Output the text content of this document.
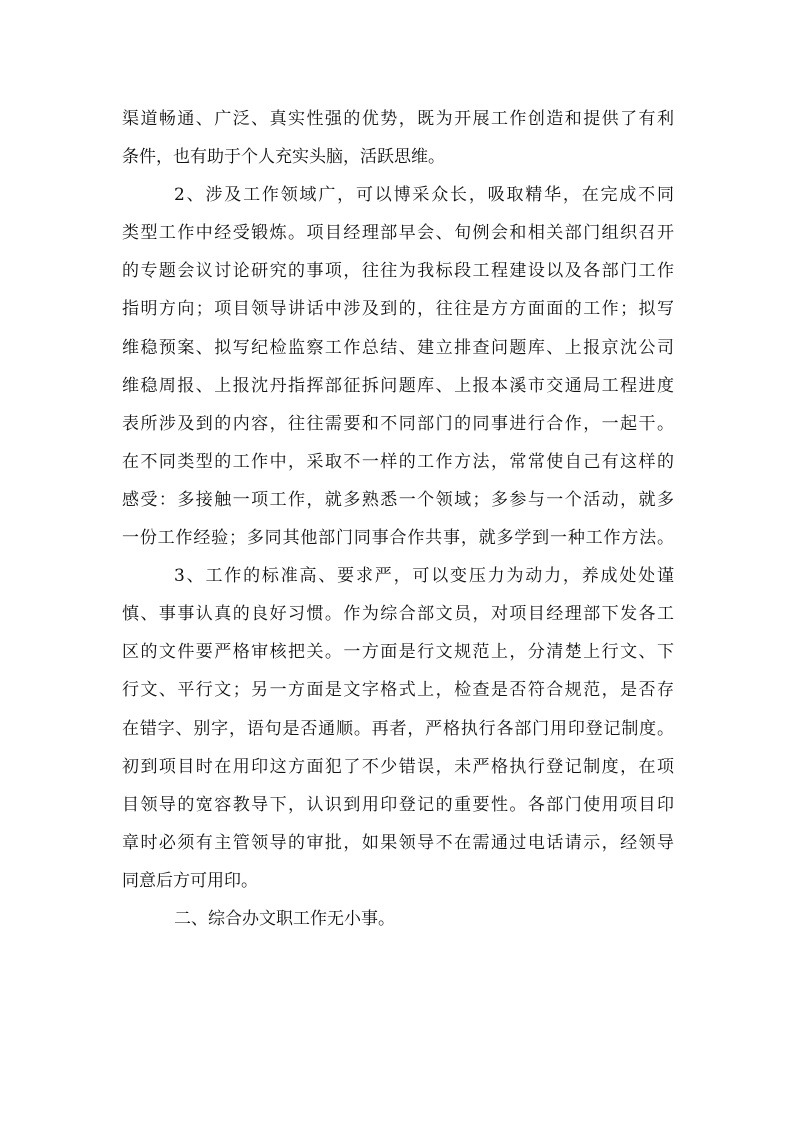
渠道畅通、广泛、真实性强的优势，既为开展工作创造和提供了有利
条件，也有助于个人充实头脑，活跃思维。
2、涉及工作领域广，可以博采众长，吸取精华，在完成不同
类型工作中经受锻炼。项目经理部早会、旬例会和相关部门组织召开
的专题会议讨论研究的事项，往往为我标段工程建设以及各部门工作
指明方向；项目领导讲话中涉及到的，往往是方方面面的工作；拟写
维稳预案、拟写纪检监察工作总结、建立排查问题库、上报京沈公司
维稳周报、上报沈丹指挥部征拆问题库、上报本溪市交通局工程进度
表所涉及到的内容，往往需要和不同部门的同事进行合作，一起干。
在不同类型的工作中，采取不一样的工作方法，常常使自己有这样的
感受：多接触一项工作，就多熟悉一个领域；多参与一个活动，就多
一份工作经验；多同其他部门同事合作共事，就多学到一种工作方法。
3、工作的标准高、要求严，可以变压力为动力，养成处处谨
慎、事事认真的良好习惯。作为综合部文员，对项目经理部下发各工
区的文件要严格审核把关。一方面是行文规范上，分清楚上行文、下
行文、平行文；另一方面是文字格式上，检查是否符合规范，是否存
在错字、别字，语句是否通顺。再者，严格执行各部门用印登记制度。
初到项目时在用印这方面犯了不少错误，未严格执行登记制度，在项
目领导的宽容教导下，认识到用印登记的重要性。各部门使用项目印
章时必须有主管领导的审批，如果领导不在需通过电话请示，经领导
同意后方可用印。
二、综合办文职工作无小事。
